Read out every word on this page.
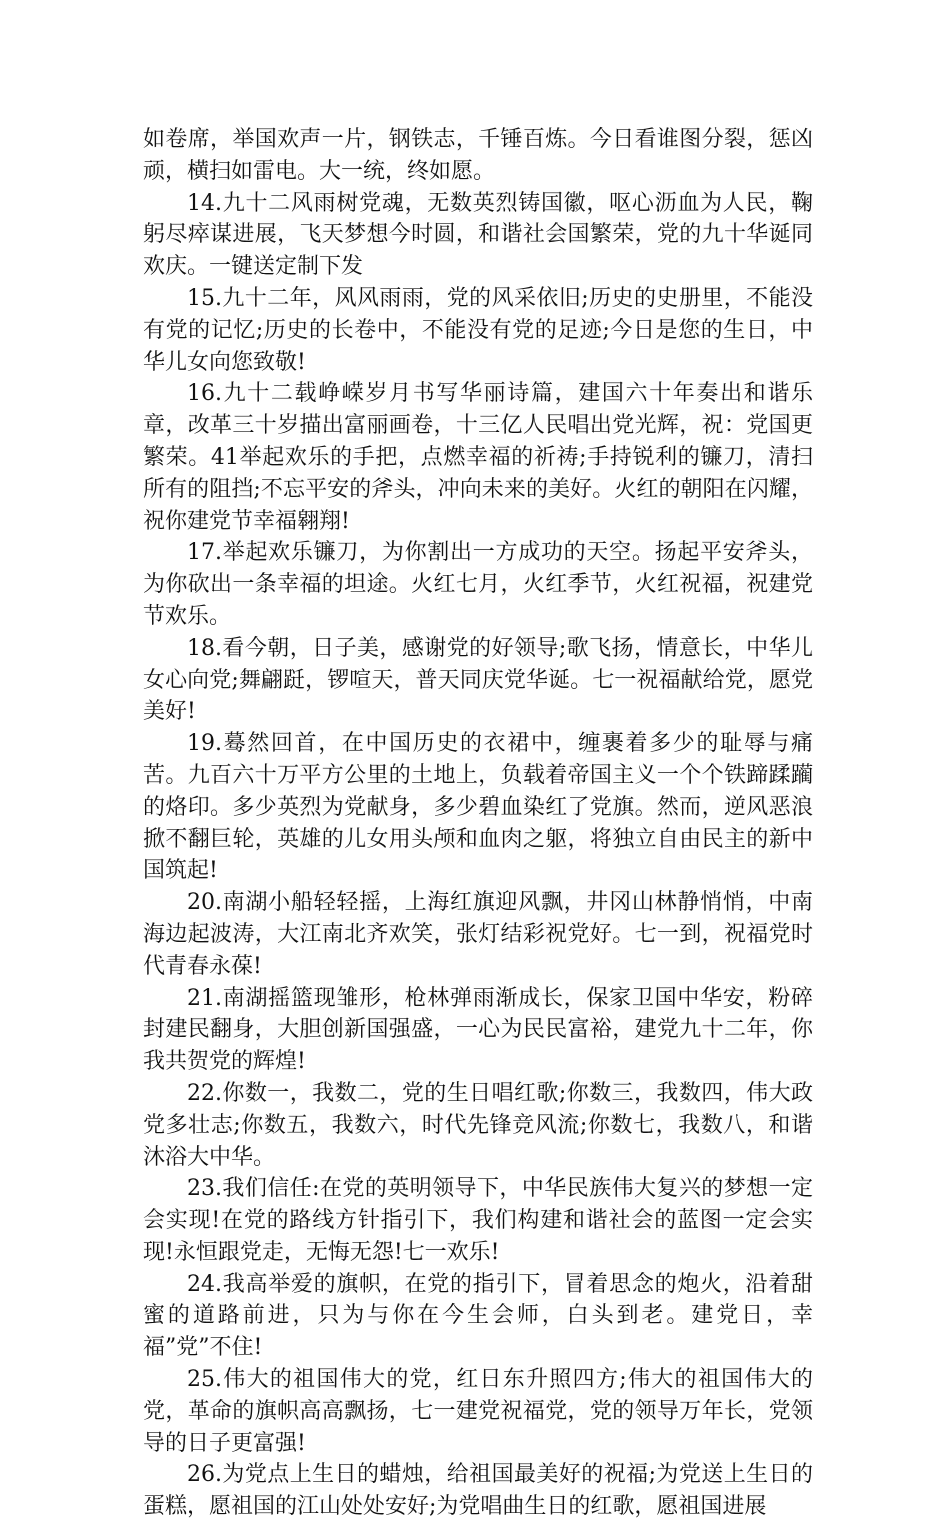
如卷席，举国欢声一片，钢铁志，千锤百炼。今日看谁图分裂，惩凶顽，横扫如雷电。大一统，终如愿。

14.九十二风雨树党魂，无数英烈铸国徽，呕心沥血为人民，鞠躬尽瘁谋进展，飞天梦想今时圆，和谐社会国繁荣，党的九十华诞同欢庆。一键送定制下发

15.九十二年，风风雨雨，党的风采依旧;历史的史册里，不能没有党的记忆;历史的长卷中，不能没有党的足迹;今日是您的生日，中华儿女向您致敬!

16.九十二载峥嵘岁月书写华丽诗篇，建国六十年奏出和谐乐章，改革三十岁描出富丽画卷，十三亿人民唱出党光辉，祝：党国更繁荣。41举起欢乐的手把，点燃幸福的祈祷;手持锐利的镰刀，清扫所有的阻挡;不忘平安的斧头，冲向未来的美好。火红的朝阳在闪耀，祝你建党节幸福翱翔!

17.举起欢乐镰刀，为你割出一方成功的天空。扬起平安斧头，为你砍出一条幸福的坦途。火红七月，火红季节，火红祝福，祝建党节欢乐。

18.看今朝，日子美，感谢党的好领导;歌飞扬，情意长，中华儿女心向党;舞翩跹，锣喧天，普天同庆党华诞。七一祝福献给党，愿党美好!

19.蓦然回首，在中国历史的衣裙中，缠裹着多少的耻辱与痛苦。九百六十万平方公里的土地上，负载着帝国主义一个个铁蹄蹂躏的烙印。多少英烈为党献身，多少碧血染红了党旗。然而，逆风恶浪掀不翻巨轮，英雄的儿女用头颅和血肉之躯，将独立自由民主的新中国筑起!

20.南湖小船轻轻摇，上海红旗迎风飘，井冈山林静悄悄，中南海边起波涛，大江南北齐欢笑，张灯结彩祝党好。七一到，祝福党时代青春永葆!

21.南湖摇篮现雏形，枪林弹雨渐成长，保家卫国中华安，粉碎封建民翻身，大胆创新国强盛，一心为民民富裕，建党九十二年，你我共贺党的辉煌!

22.你数一，我数二，党的生日唱红歌;你数三，我数四，伟大政党多壮志;你数五，我数六，时代先锋竞风流;你数七，我数八，和谐沐浴大中华。

23.我们信任:在党的英明领导下，中华民族伟大复兴的梦想一定会实现!在党的路线方针指引下，我们构建和谐社会的蓝图一定会实现!永恒跟党走，无悔无怨!七一欢乐!

24.我高举爱的旗帜，在党的指引下，冒着思念的炮火，沿着甜蜜的道路前进，只为与你在今生会师，白头到老。建党日，幸福”党”不住!

25.伟大的祖国伟大的党，红日东升照四方;伟大的祖国伟大的党，革命的旗帜高高飘扬，七一建党祝福党，党的领导万年长，党领导的日子更富强!

26.为党点上生日的蜡烛，给祖国最美好的祝福;为党送上生日的蛋糕，愿祖国的江山处处安好;为党唱曲生日的红歌，愿祖国进展
